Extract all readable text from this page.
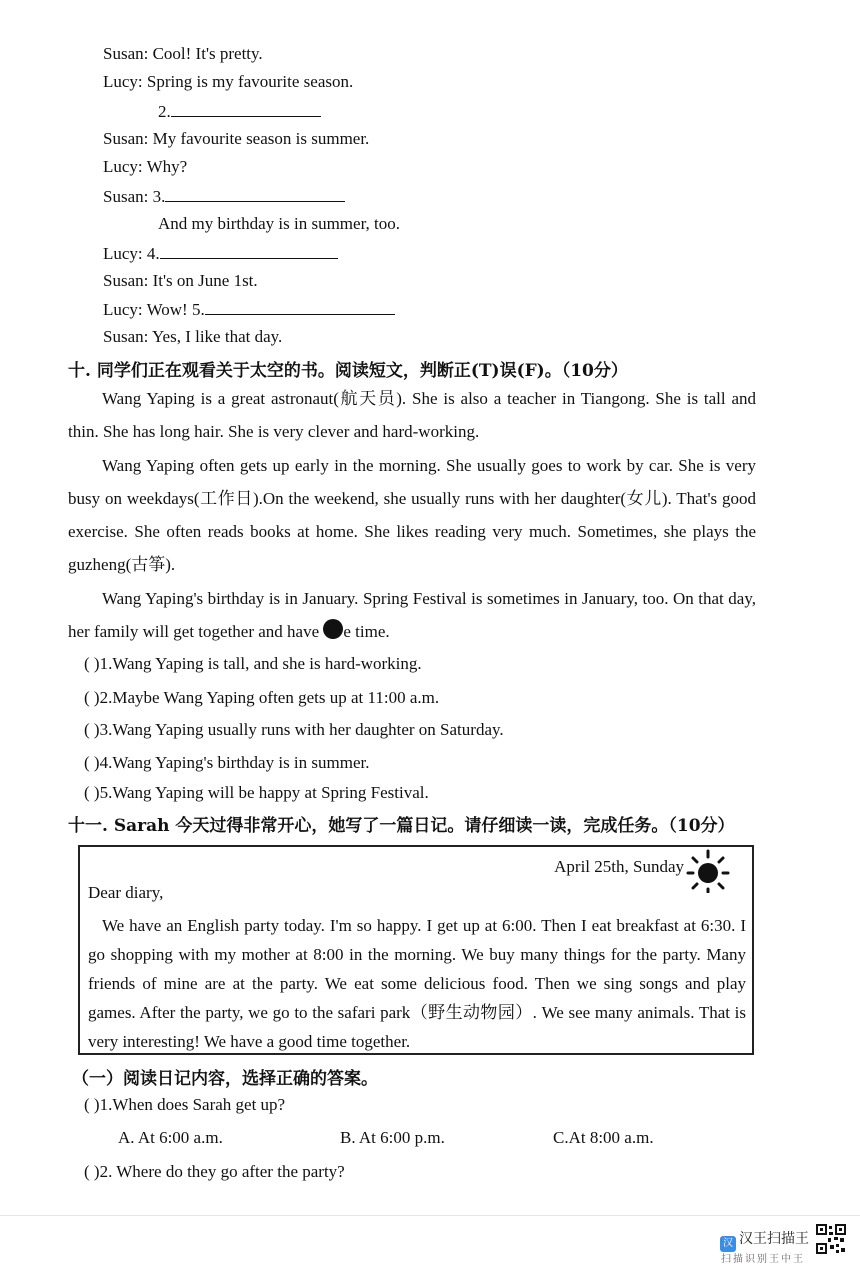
Susan: Cool! It's pretty.
Lucy: Spring is my favourite season.
2.
Susan: My favourite season is summer.
Lucy: Why?
Susan: 3.
And my birthday is in summer, too.
Lucy: 4.
Susan: It's on June 1st.
Lucy: Wow! 5.
Susan: Yes, I like that day.
十. 同学们正在观看关于太空的书。阅读短文，判断正(T)误(F)。（10分）
Wang Yaping is a great astronaut(航天员). She is also a teacher in Tiangong. She is tall and thin. She has long hair. She is very clever and hard-working.
Wang Yaping often gets up early in the morning. She usually goes to work by car. She is very busy on weekdays(工作日).On the weekend, she usually runs with her daughter(女儿). That's good exercise. She often reads books at home. She likes reading very much. Sometimes, she plays the guzheng(古筝).
Wang Yaping's birthday is in January. Spring Festival is sometimes in January, too. On that day, her family will get together and have e time.
( )1.Wang Yaping is tall, and she is hard-working.
( )2.Maybe Wang Yaping often gets up at 11:00 a.m.
( )3.Wang Yaping usually runs with her daughter on Saturday.
( )4.Wang Yaping's birthday is in summer.
( )5.Wang Yaping will be happy at Spring Festival.
十一. Sarah 今天过得非常开心，她写了一篇日记。请仔细读一读，完成任务。（10分）
April 25th, Sunday
Dear diary,
We have an English party today. I'm so happy. I get up at 6:00. Then I eat breakfast at 6:30. I go shopping with my mother at 8:00 in the morning. We buy many things for the party. Many friends of mine are at the party. We eat some delicious food. Then we sing songs and play games. After the party, we go to the safari park（野生动物园）. We see many animals. That is very interesting! We have a good time together.
（一）阅读日记内容，选择正确的答案。
( )1.When does Sarah get up?
A. At 6:00 a.m.	B. At 6:00 p.m.	C.At 8:00 a.m.
( )2. Where do they go after the party?
汉 汉王扫描王
扫描识别王中王
